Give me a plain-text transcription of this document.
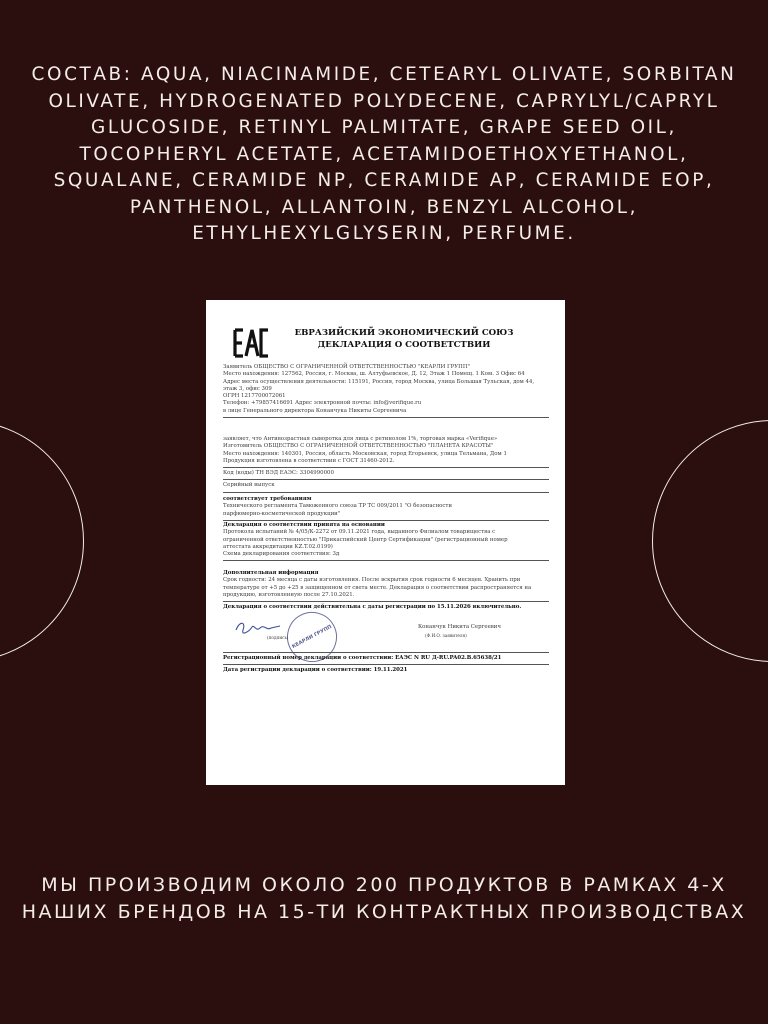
СОСТАВ: AQUA, NIACINAMIDE, CETEARYL OLIVATE, SORBITAN
OLIVATE, HYDROGENATED POLYDECENE, CAPRYLYL/CAPRYL
GLUCOSIDE, RETINYL PALMITATE, GRAPE SEED OIL,
TOCOPHERYL ACETATE, ACETAMIDOETHOXYETHANOL,
SQUALANE, CERAMIDE NP, CERAMIDE AP, CERAMIDE EOP,
PANTHENOL, ALLANTOIN, BENZYL ALCOHOL,
ETHYLHEXYLGLYSERIN, PERFUME.
ЕВРАЗИЙСКИЙ ЭКОНОМИЧЕСКИЙ СОЮЗ
ДЕКЛАРАЦИЯ О СООТВЕТСТВИИ
Заявитель ОБЩЕСТВО С ОГРАНИЧЕННОЙ ОТВЕТСТВЕННОСТЬЮ "КЕАРЛИ ГРУПП"
Место нахождения: 127562, Россия, г. Москва, ш. Алтуфьевское, Д. 12, Этаж 1 Помещ. 1 Ком. 3 Офис 64
Адрес места осуществления деятельности: 115191, Россия, город Москва, улица Большая Тульская, дом 44,
этаж 3, офис 309
ОГРН 1217700072061
Телефон: +79857416691 Адрес электронной почты: info@verifique.ru
в лице Генерального директора Конанчука Никиты Сергеевича
заявляет, что Антивозрастная сыворотка для лица с ретинолом 1%, торговая марка «Verifique»
Изготовитель ОБЩЕСТВО С ОГРАНИЧЕННОЙ ОТВЕТСТВЕННОСТЬЮ "ПЛАНЕТА КРАСОТЫ"
Место нахождения: 140301, Россия, область Московская, город Егорьевск, улица Тельмана, Дом 1
Продукция изготовлена в соответствии с ГОСТ 31460-2012.
Код (коды) ТН ВЭД ЕАЭС: 3304990000
Серийный выпуск
соответствует требованиям
Технического регламента Таможенного союза ТР ТС 009/2011 "О безопасности
парфюмерно-косметической продукции"
Декларация о соответствии принята на основании
Протокола испытаний № 4/05/К-2272 от 09.11.2021 года, выданного Филиалом товарищества с
ограниченной ответственностью "Прикаспийский Центр Сертификации" (регистрационный номер
аттестата аккредитации KZ.T.02.0199)
Схема декларирования соответствия: 3д
Дополнительная информация
Срок годности: 24 месяца с даты изготовления. После вскрытия срок годности 6 месяцев. Хранить при
температуре от +5 до +25 в защищенном от света месте. Декларация о соответствии распространяется на
продукцию, изготовленную после 27.10.2021.
Декларация о соответствии действительна с даты регистрации по 15.11.2026 включительно.
КЕАРЛИ ГРУПП
(подпись)
Конанчук Никита Сергеевич
(Ф.И.О. заявителя)
Регистрационный номер декларации о соответствии: ЕАЭС N RU Д-RU.PA02.B.65638/21
Дата регистрации декларации о соответствии: 19.11.2021
МЫ ПРОИЗВОДИМ ОКОЛО 200 ПРОДУКТОВ В РАМКАХ 4-Х
НАШИХ БРЕНДОВ НА 15-ТИ КОНТРАКТНЫХ ПРОИЗВОДСТВАХ
